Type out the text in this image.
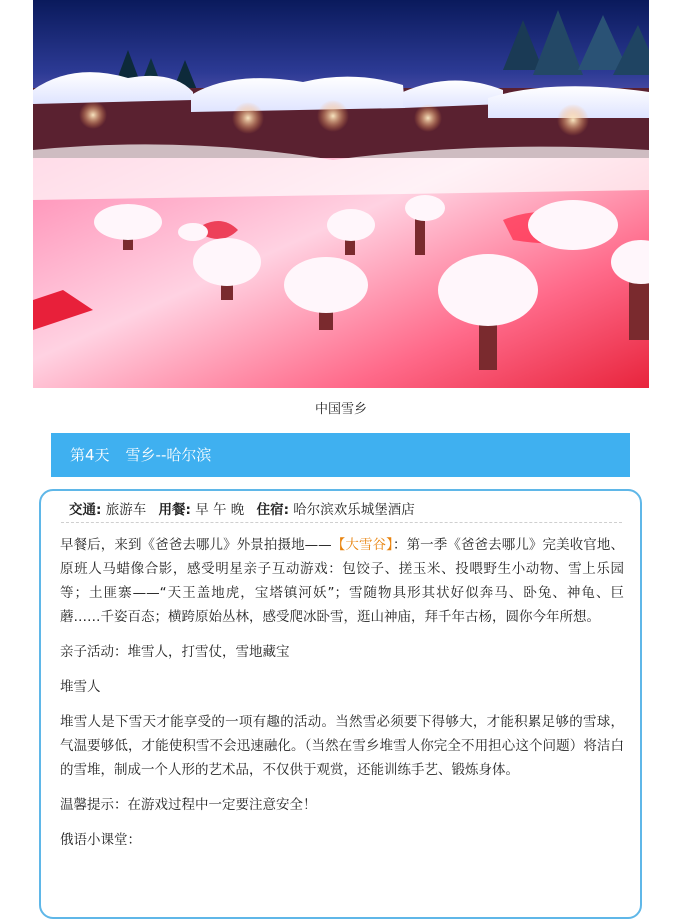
中国雪乡
第4天 雪乡--哈尔滨
交通: 旅游车 用餐: 早 午 晚 住宿: 哈尔滨欢乐城堡酒店

早餐后，来到《爸爸去哪儿》外景拍摄地——【大雪谷】：第一季《爸爸去哪儿》完美收官地、原班人马蜡像合影，感受明星亲子互动游戏：包饺子、搓玉米、投喂野生小动物、雪上乐园等；土匪寨——“天王盖地虎，宝塔镇河妖”；雪随物具形其状好似奔马、卧兔、神龟、巨蘑……千姿百态；横跨原始丛林，感受爬冰卧雪，逛山神庙，拜千年古杨，圆你今年所想。

亲子活动：堆雪人，打雪仗，雪地藏宝

堆雪人

堆雪人是下雪天才能享受的一项有趣的活动。当然雪必须要下得够大，才能积累足够的雪球，气温要够低，才能使积雪不会迅速融化。（当然在雪乡堆雪人你完全不用担心这个问题）将洁白的雪堆，制成一个人形的艺术品，不仅供于观赏，还能训练手艺、锻炼身体。

温馨提示：在游戏过程中一定要注意安全！

俄语小课堂：
